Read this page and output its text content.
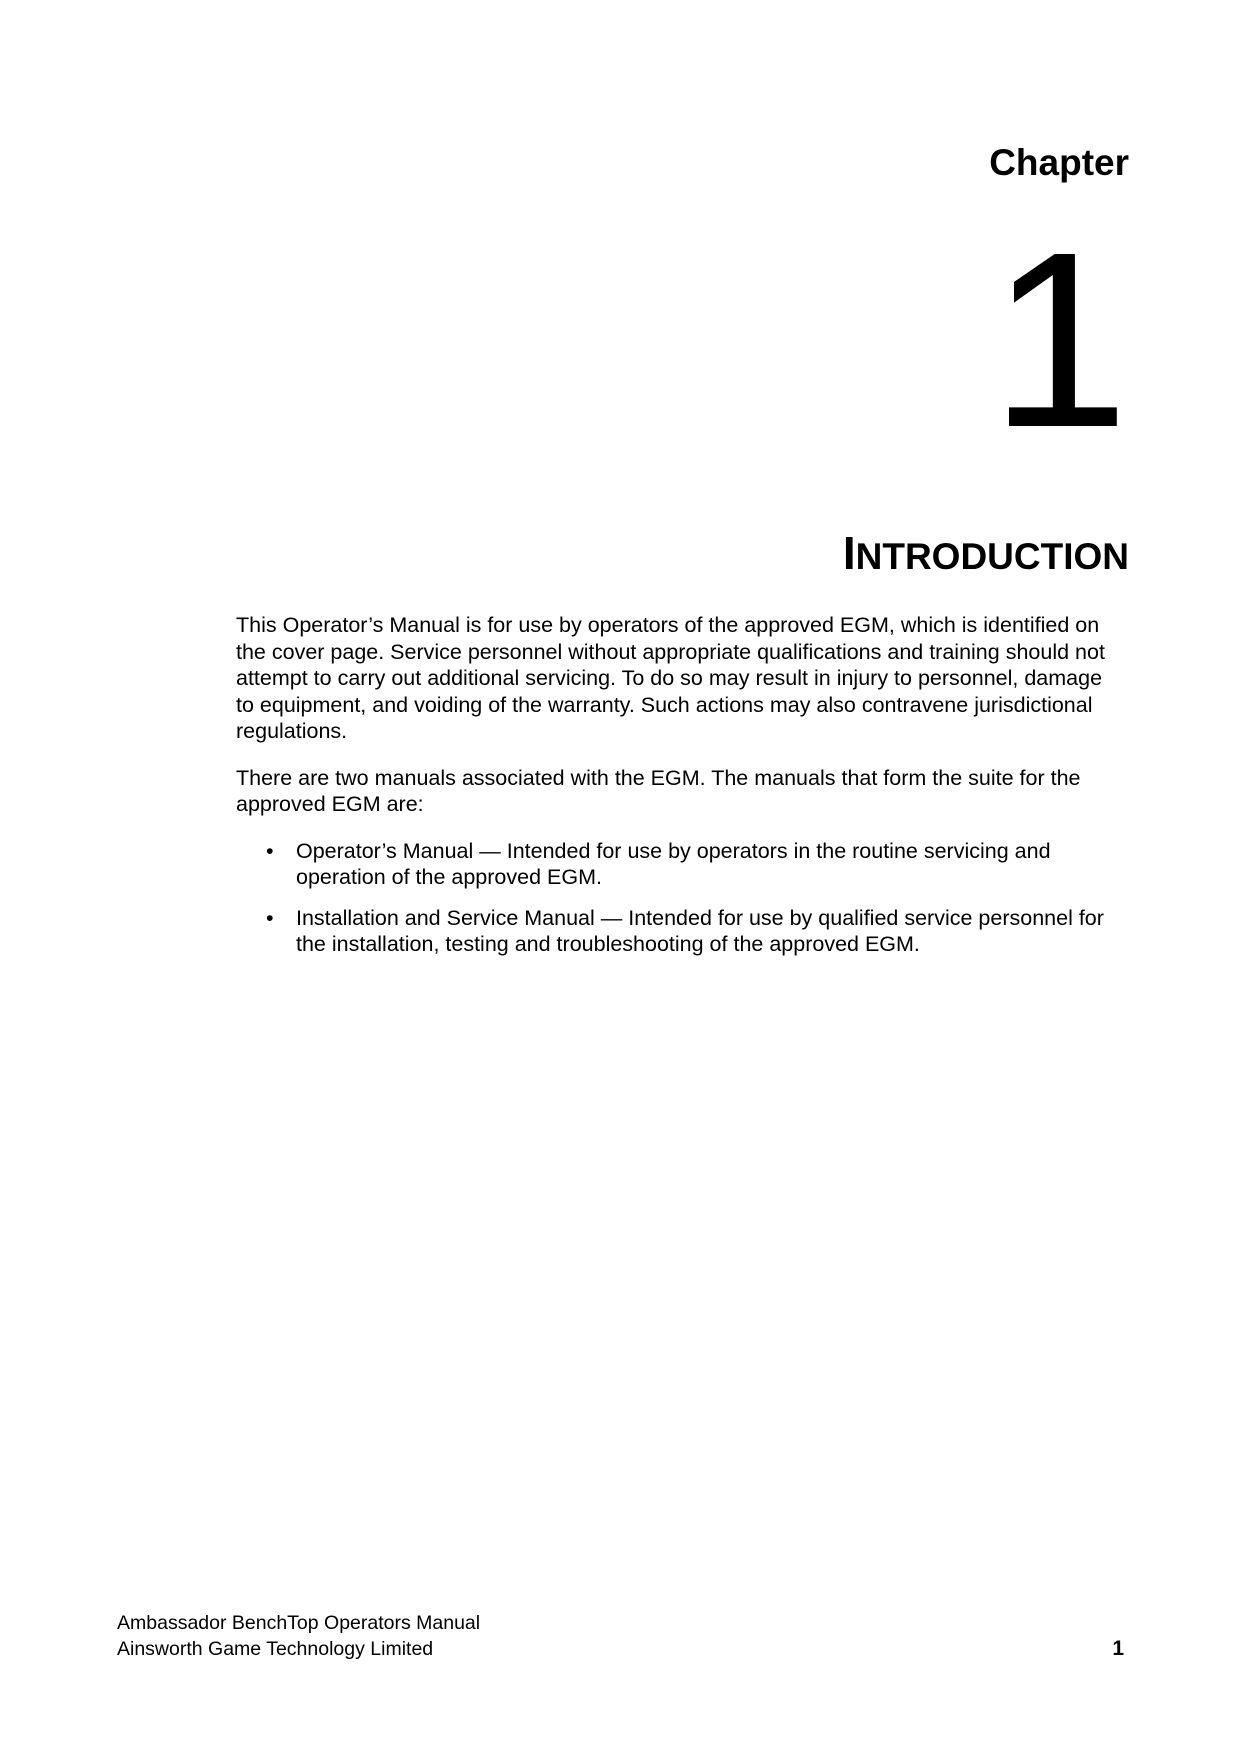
Chapter
1
INTRODUCTION

This Operator’s Manual is for use by operators of the approved EGM, which is identified on the cover page. Service personnel without appropriate qualifications and training should not attempt to carry out additional servicing. To do so may result in injury to personnel, damage to equipment, and voiding of the warranty. Such actions may also contravene jurisdictional regulations.

There are two manuals associated with the EGM. The manuals that form the suite for the approved EGM are:

• Operator’s Manual — Intended for use by operators in the routine servicing and operation of the approved EGM.
• Installation and Service Manual — Intended for use by qualified service personnel for the installation, testing and troubleshooting of the approved EGM.
Ambassador BenchTop Operators Manual
Ainsworth Game Technology Limited	1
